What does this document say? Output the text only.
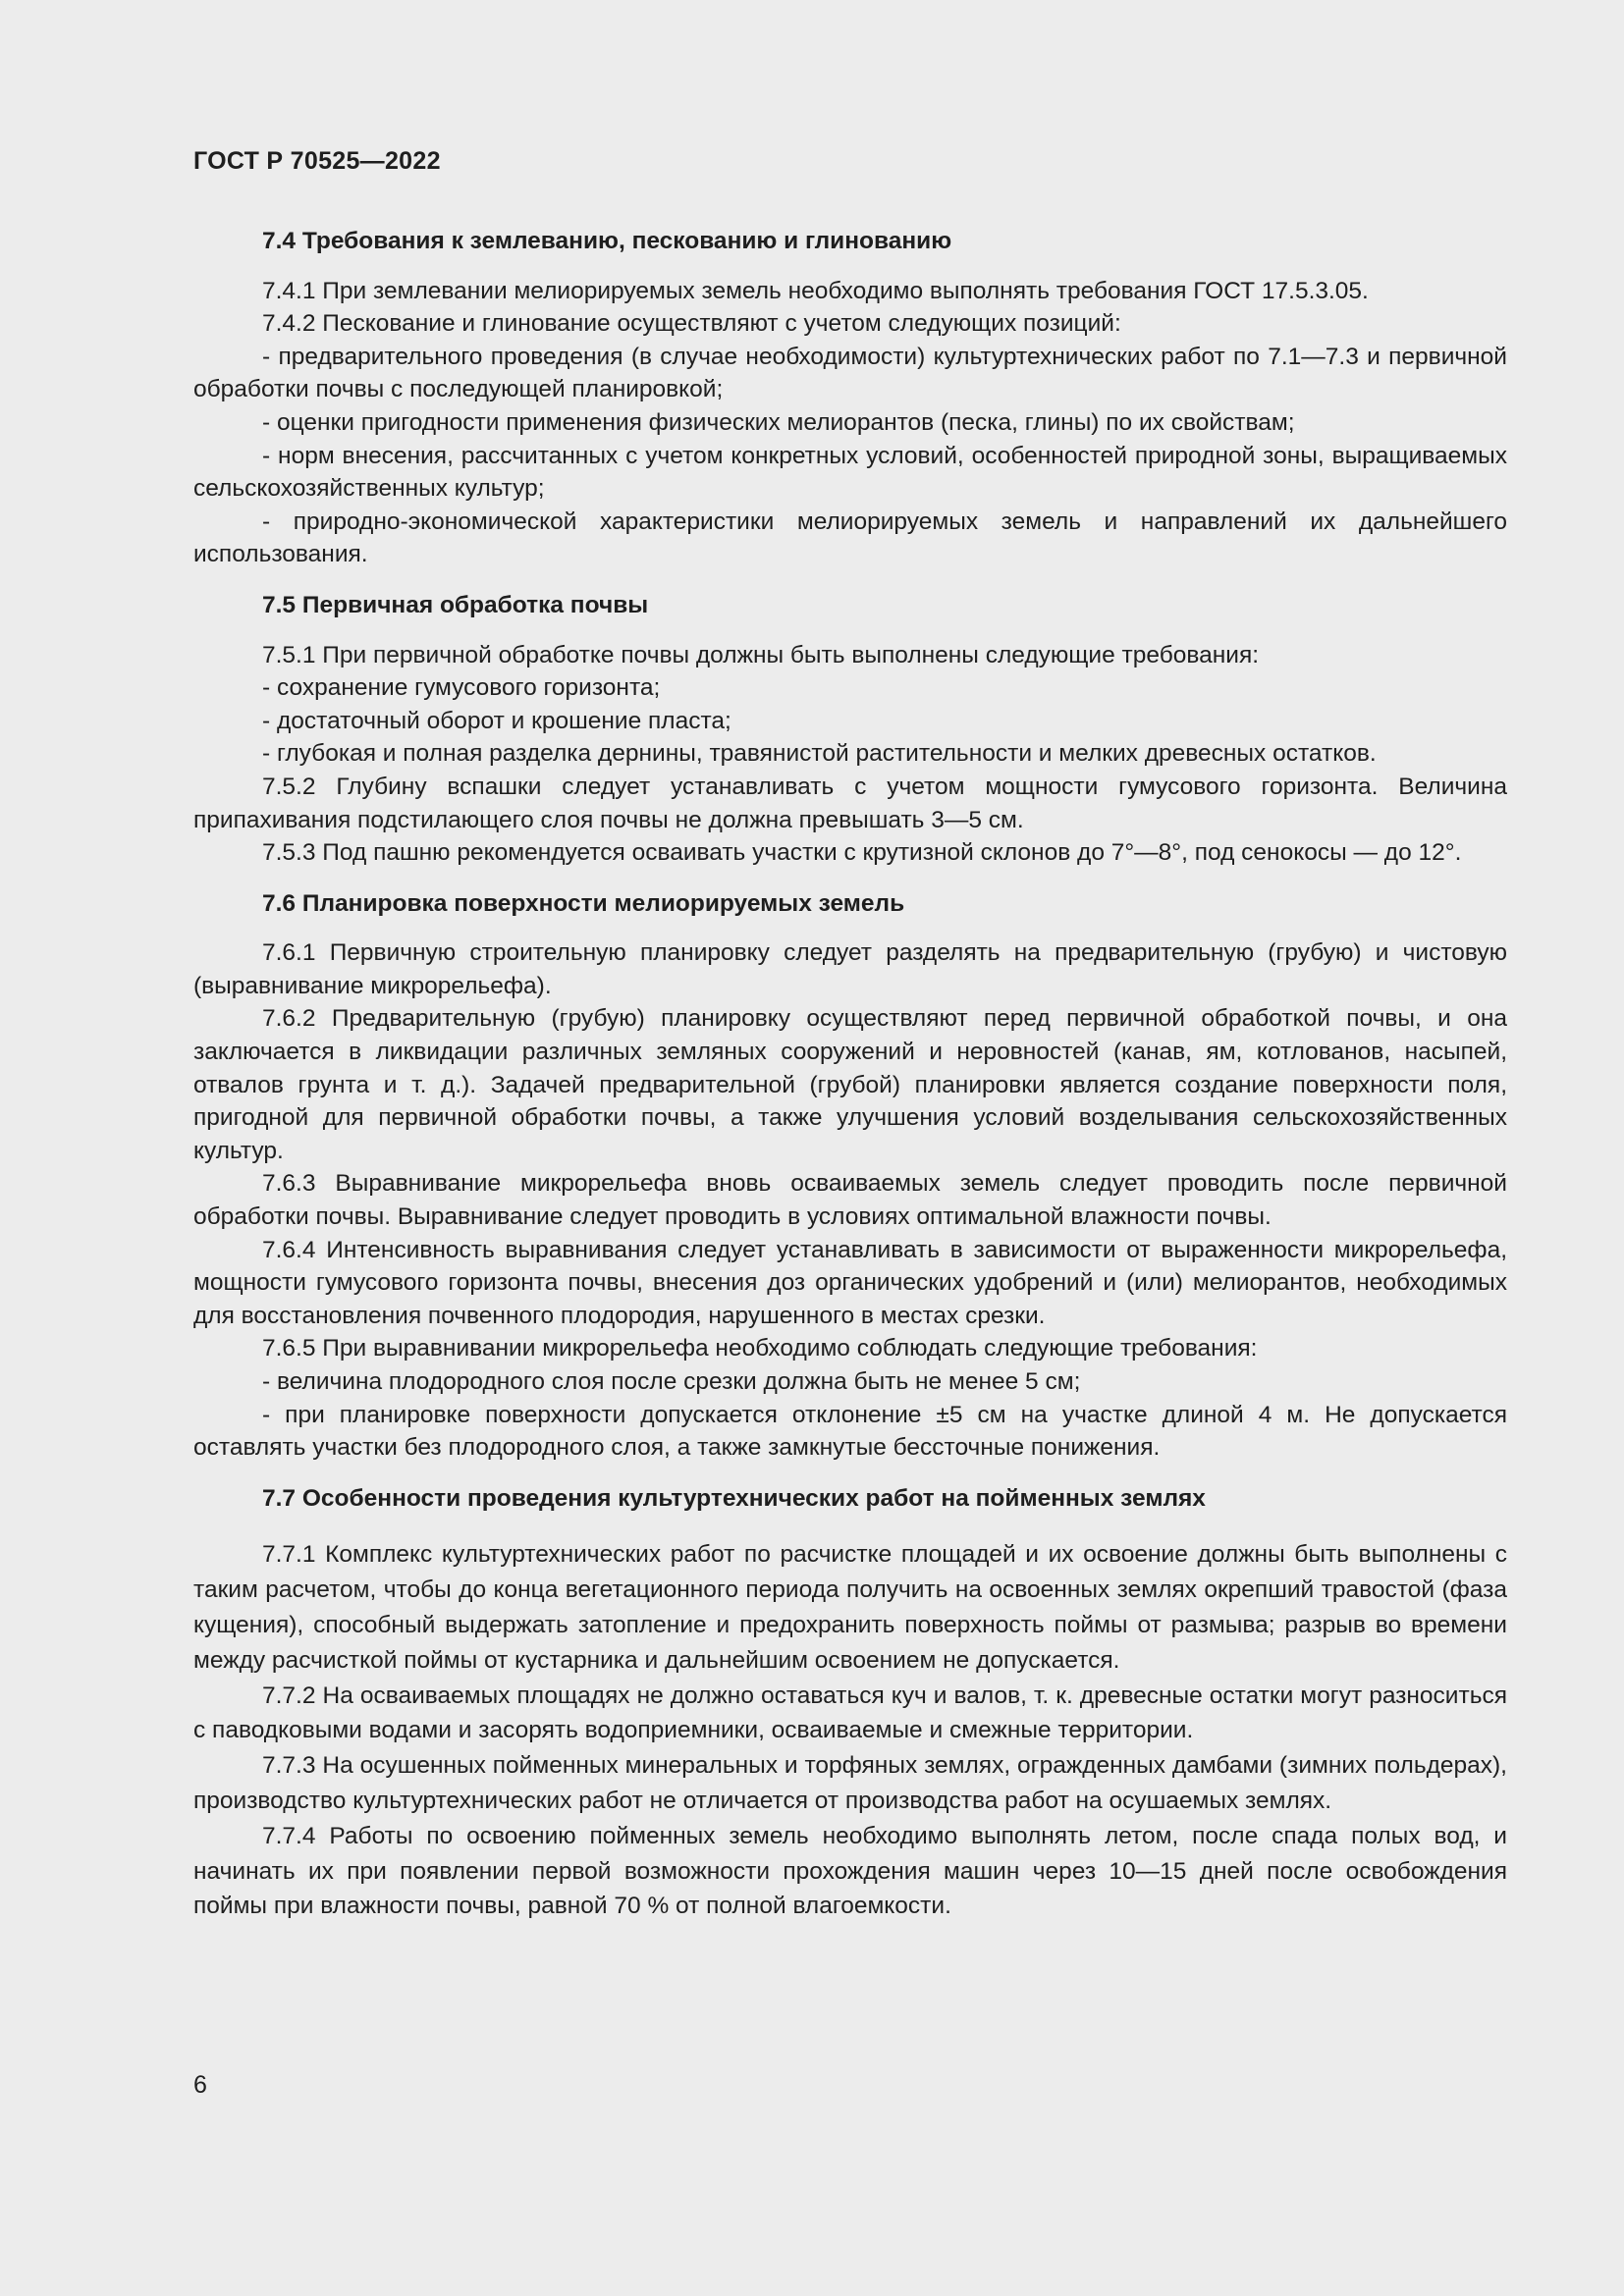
ГОСТ Р 70525—2022
7.4 Требования к землеванию, пескованию и глинованию

7.4.1 При землевании мелиорируемых земель необходимо выполнять требования ГОСТ 17.5.3.05.

7.4.2 Пескование и глинование осуществляют с учетом следующих позиций:

- предварительного проведения (в случае необходимости) культуртехнических работ по 7.1—7.3 и первичной обработки почвы с последующей планировкой;

- оценки пригодности применения физических мелиорантов (песка, глины) по их свойствам;

- норм внесения, рассчитанных с учетом конкретных условий, особенностей природной зоны, выращиваемых сельскохозяйственных культур;

- природно-экономической характеристики мелиорируемых земель и направлений их дальнейшего использования.

7.5 Первичная обработка почвы

7.5.1 При первичной обработке почвы должны быть выполнены следующие требования:

- сохранение гумусового горизонта;

- достаточный оборот и крошение пласта;

- глубокая и полная разделка дернины, травянистой растительности и мелких древесных остатков.

7.5.2 Глубину вспашки следует устанавливать с учетом мощности гумусового горизонта. Величина припахивания подстилающего слоя почвы не должна превышать 3—5 см.

7.5.3 Под пашню рекомендуется осваивать участки с крутизной склонов до 7°—8°, под сенокосы — до 12°.

7.6 Планировка поверхности мелиорируемых земель

7.6.1 Первичную строительную планировку следует разделять на предварительную (грубую) и чистовую (выравнивание микрорельефа).

7.6.2 Предварительную (грубую) планировку осуществляют перед первичной обработкой почвы, и она заключается в ликвидации различных земляных сооружений и неровностей (канав, ям, котлованов, насыпей, отвалов грунта и т. д.). Задачей предварительной (грубой) планировки является создание поверхности поля, пригодной для первичной обработки почвы, а также улучшения условий возделывания сельскохозяйственных культур.

7.6.3 Выравнивание микрорельефа вновь осваиваемых земель следует проводить после первичной обработки почвы. Выравнивание следует проводить в условиях оптимальной влажности почвы.

7.6.4 Интенсивность выравнивания следует устанавливать в зависимости от выраженности микрорельефа, мощности гумусового горизонта почвы, внесения доз органических удобрений и (или) мелиорантов, необходимых для восстановления почвенного плодородия, нарушенного в местах срезки.

7.6.5 При выравнивании микрорельефа необходимо соблюдать следующие требования:

- величина плодородного слоя после срезки должна быть не менее 5 см;

- при планировке поверхности допускается отклонение ±5 см на участке длиной 4 м. Не допускается оставлять участки без плодородного слоя, а также замкнутые бессточные понижения.

7.7 Особенности проведения культуртехнических работ на пойменных землях

7.7.1 Комплекс культуртехнических работ по расчистке площадей и их освоение должны быть выполнены с таким расчетом, чтобы до конца вегетационного периода получить на освоенных землях окрепший травостой (фаза кущения), способный выдержать затопление и предохранить поверхность поймы от размыва; разрыв во времени между расчисткой поймы от кустарника и дальнейшим освоением не допускается.

7.7.2 На осваиваемых площадях не должно оставаться куч и валов, т. к. древесные остатки могут разноситься с паводковыми водами и засорять водоприемники, осваиваемые и смежные территории.

7.7.3 На осушенных пойменных минеральных и торфяных землях, огражденных дамбами (зимних польдерах), производство культуртехнических работ не отличается от производства работ на осушаемых землях.

7.7.4 Работы по освоению пойменных земель необходимо выполнять летом, после спада полых вод, и начинать их при появлении первой возможности прохождения машин через 10—15 дней после освобождения поймы при влажности почвы, равной 70 % от полной влагоемкости.

6
